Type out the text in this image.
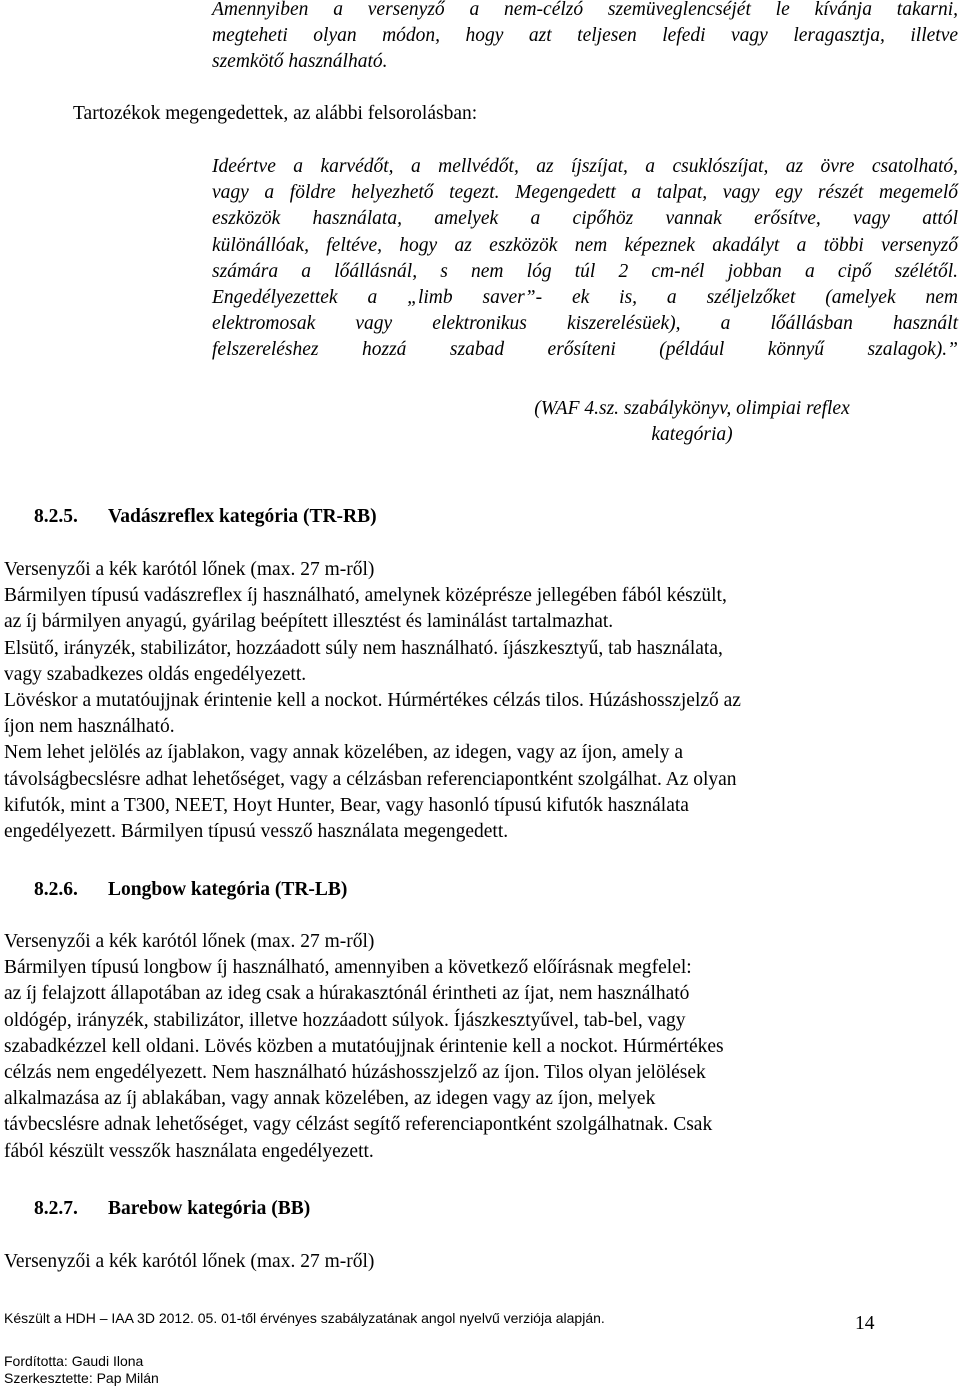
Amennyiben a versenyző a nem-célzó szemüveglencséjét le kívánja takarni,
megteheti olyan módon, hogy azt teljesen lefedi vagy leragasztja, illetve
szemkötő használható.

Tartozékok megengedettek, az alábbi felsorolásban:

Ideértve a karvédőt, a mellvédőt, az íjszíjat, a csuklószíjat, az övre csatolható,
vagy a földre helyezhető tegezt. Megengedett a talpat, vagy egy részét megemelő
eszközök használata, amelyek a cipőhöz vannak erősítve, vagy attól
különállóak, feltéve, hogy az eszközök nem képeznek akadályt a többi versenyző
számára a lőállásnál, s nem lóg túl 2 cm-nél jobban a cipő szélétől.
Engedélyezettek a „limb saver”- ek is, a széljelzőket (amelyek nem
elektromosak vagy elektronikus kiszerelésüek), a lőállásban használt
felszereléshez hozzá szabad erősíteni (például könnyű szalagok).”
(WAF 4.sz. szabálykönyv, olimpiai reflex
kategória)
8.2.5. Vadászreflex kategória (TR-RB)
Versenyzői a kék karótól lőnek (max. 27 m-ről)
Bármilyen típusú vadászreflex íj használható, amelynek középrésze jellegében fából készült,
az íj bármilyen anyagú, gyárilag beépített illesztést és laminálást tartalmazhat.
Elsütő, irányzék, stabilizátor, hozzáadott súly nem használható. íjászkesztyű, tab használata,
vagy szabadkezes oldás engedélyezett.
Lövéskor a mutatóujjnak érintenie kell a nockot. Húrmértékes célzás tilos. Húzáshosszjelző az
íjon nem használható.
Nem lehet jelölés az íjablakon, vagy annak közelében, az idegen, vagy az íjon, amely a
távolságbecslésre adhat lehetőséget, vagy a célzásban referenciapontként szolgálhat. Az olyan
kifutók, mint a T300, NEET, Hoyt Hunter, Bear, vagy hasonló típusú kifutók használata
engedélyezett. Bármilyen típusú vessző használata megengedett.
8.2.6. Longbow kategória (TR-LB)
Versenyzői a kék karótól lőnek (max. 27 m-ről)
Bármilyen típusú longbow íj használható, amennyiben a következő előírásnak megfelel:
az íj felajzott állapotában az ideg csak a húrakasztónál érintheti az íjat, nem használható
oldógép, irányzék, stabilizátor, illetve hozzáadott súlyok. Íjászkesztyűvel, tab-bel, vagy
szabadkézzel kell oldani. Lövés közben a mutatóujjnak érintenie kell a nockot. Húrmértékes
célzás nem engedélyezett. Nem használható húzáshosszjelző az íjon. Tilos olyan jelölések
alkalmazása az íj ablakában, vagy annak közelében, az idegen vagy az íjon, melyek
távbecslésre adnak lehetőséget, vagy célzást segítő referenciapontként szolgálhatnak. Csak
fából készült vesszők használata engedélyezett.
8.2.7. Barebow kategória (BB)
Versenyzői a kék karótól lőnek (max. 27 m-ről)

Készült a HDH – IAA 3D 2012. 05. 01-től érvényes szabályzatának angol nyelvű verziója alapján.	14

Fordította: Gaudi Ilona

Szerkesztette: Pap Milán
